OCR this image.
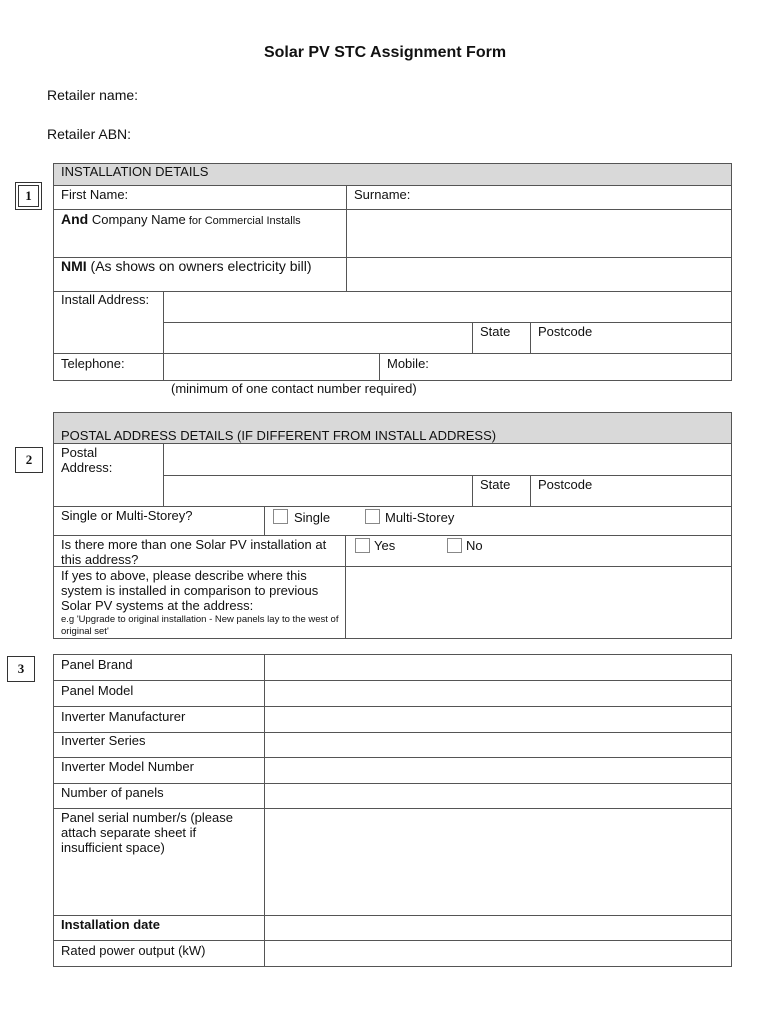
Solar PV STC Assignment Form
Retailer name:
Retailer ABN:
1
INSTALLATION DETAILS
First Name:	Surname:
And Company Name for Commercial Installs
NMI (As shows on owners electricity bill)
Install Address:
State Postcode
Telephone:	Mobile:
(minimum of one contact number required)
2
POSTAL ADDRESS DETAILS (IF DIFFERENT FROM INSTALL ADDRESS)
Postal Address:
State Postcode
Single or Multi-Storey?	Single	Multi-Storey
Is there more than one Solar PV installation at this address?
Yes	No
If yes to above, please describe where this system is installed in comparison to previous Solar PV systems at the address:
e.g 'Upgrade to original installation - New panels lay to the west of original set'
3	Panel Brand
Panel Model
Inverter Manufacturer
Inverter Series
Inverter Model Number
Number of panels
Panel serial number/s (please attach separate sheet if insufficient space)
Installation date
Rated power output (kW)
